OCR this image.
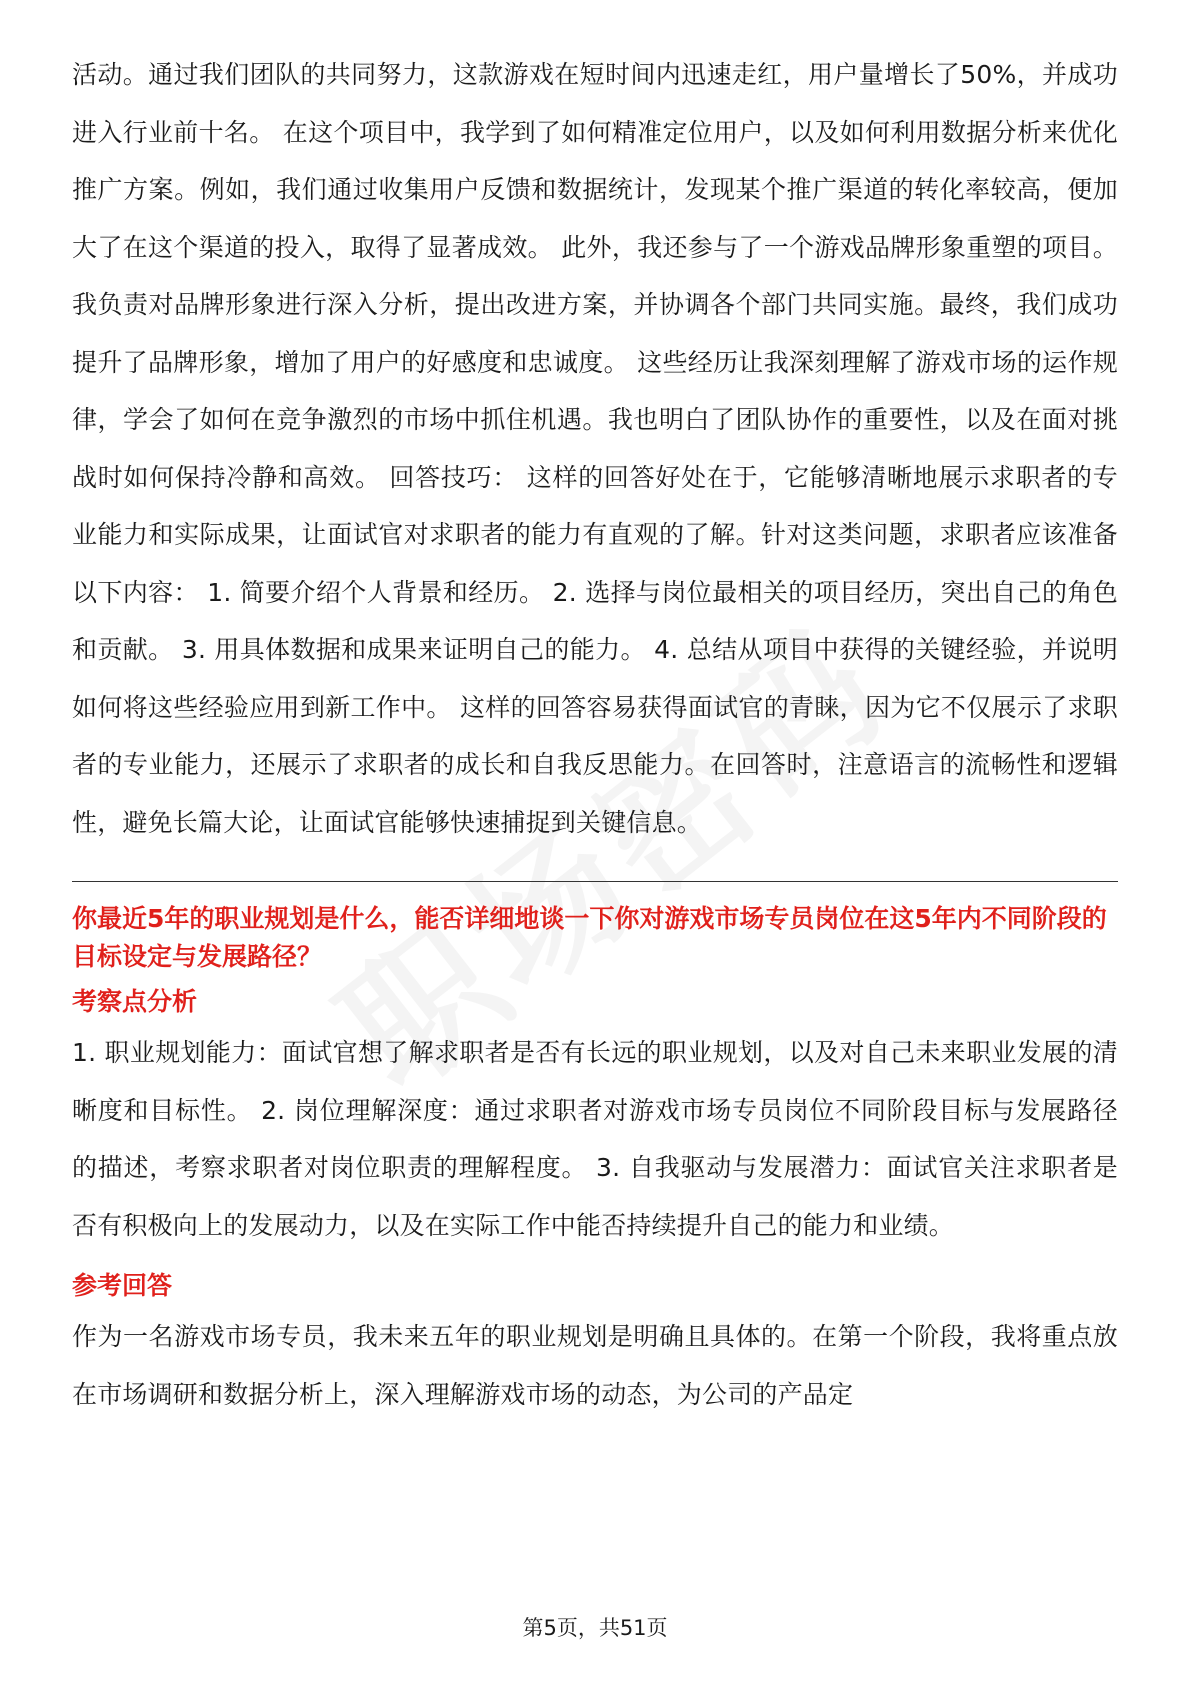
活动。通过我们团队的共同努力，这款游戏在短时间内迅速走红，用户量增长了50%，并成功进入行业前十名。 在这个项目中，我学到了如何精准定位用户，以及如何利用数据分析来优化推广方案。例如，我们通过收集用户反馈和数据统计，发现某个推广渠道的转化率较高，便加大了在这个渠道的投入，取得了显著成效。 此外，我还参与了一个游戏品牌形象重塑的项目。我负责对品牌形象进行深入分析，提出改进方案，并协调各个部门共同实施。最终，我们成功提升了品牌形象，增加了用户的好感度和忠诚度。 这些经历让我深刻理解了游戏市场的运作规律，学会了如何在竞争激烈的市场中抓住机遇。我也明白了团队协作的重要性，以及在面对挑战时如何保持冷静和高效。 回答技巧： 这样的回答好处在于，它能够清晰地展示求职者的专业能力和实际成果，让面试官对求职者的能力有直观的了解。针对这类问题，求职者应该准备以下内容： 1. 简要介绍个人背景和经历。 2. 选择与岗位最相关的项目经历，突出自己的角色和贡献。 3. 用具体数据和成果来证明自己的能力。 4. 总结从项目中获得的关键经验，并说明如何将这些经验应用到新工作中。 这样的回答容易获得面试官的青睐，因为它不仅展示了求职者的专业能力，还展示了求职者的成长和自我反思能力。在回答时，注意语言的流畅性和逻辑性，避免长篇大论，让面试官能够快速捕捉到关键信息。

你最近5年的职业规划是什么，能否详细地谈一下你对游戏市场专员岗位在这5年内不同阶段的目标设定与发展路径？

考察点分析

1. 职业规划能力：面试官想了解求职者是否有长远的职业规划，以及对自己未来职业发展的清晰度和目标性。 2. 岗位理解深度：通过求职者对游戏市场专员岗位不同阶段目标与发展路径的描述，考察求职者对岗位职责的理解程度。 3. 自我驱动与发展潜力：面试官关注求职者是否有积极向上的发展动力，以及在实际工作中能否持续提升自己的能力和业绩。

参考回答

作为一名游戏市场专员，我未来五年的职业规划是明确且具体的。在第一个阶段，我将重点放在市场调研和数据分析上，深入理解游戏市场的动态，为公司的产品定

第5页，共51页
